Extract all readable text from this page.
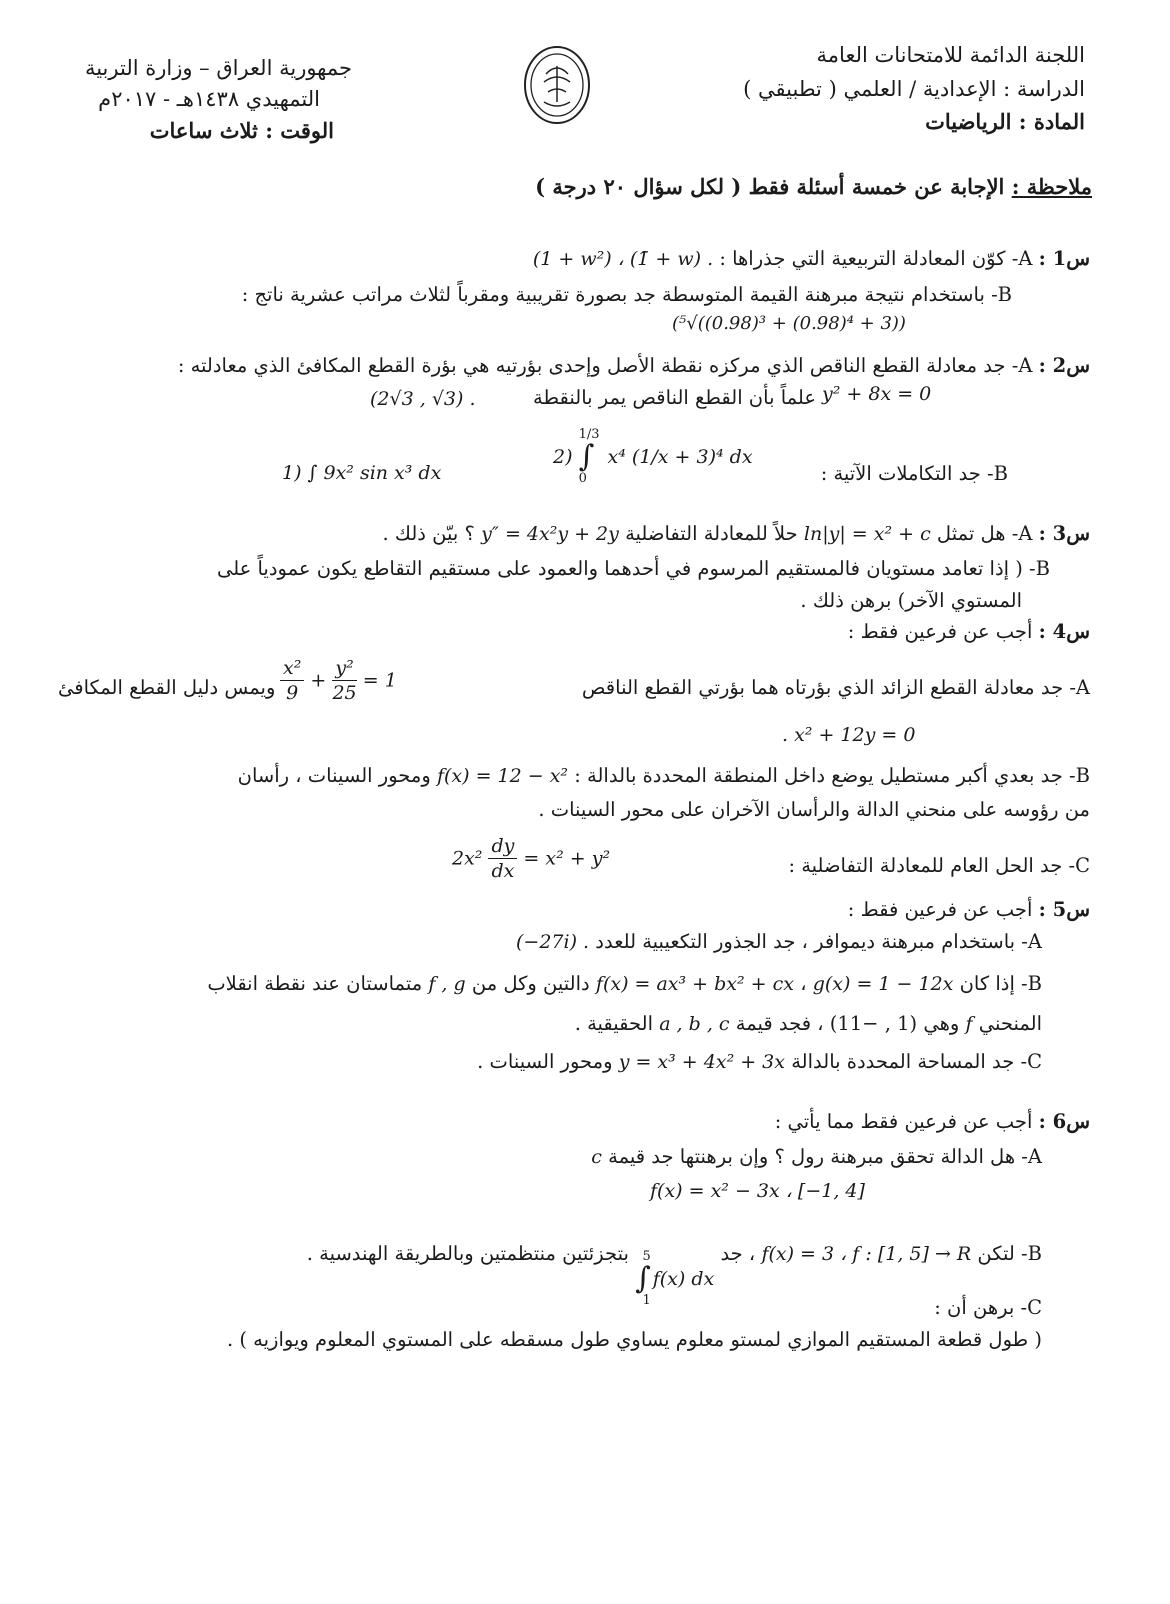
اللجنة الدائمة للامتحانات العامة
الدراسة : الإعدادية / العلمي ( تطبيقي )
المادة : الرياضيات
جمهورية العراق – وزارة التربية
التمهيدي ١٤٣٨هـ - ٢٠١٧م
الوقت : ثلاث ساعات
ملاحظة : الإجابة عن خمسة أسئلة فقط ( لكل سؤال ٢٠ درجة )
س1 : A- كوّن المعادلة التربيعية التي جذراها : (1 + w²) ، (1̄ + w) .
B- باستخدام نتيجة مبرهنة القيمة المتوسطة جد بصورة تقريبية ومقرباً لثلاث مراتب عشرية ناتج :
(⁵√((0.98)³ + (0.98)⁴ + 3))
س2 : A- جد معادلة القطع الناقص الذي مركزه نقطة الأصل وإحدى بؤرتيه هي بؤرة القطع المكافئ الذي معادلته :
y² + 8x = 0
علماً بأن القطع الناقص يمر بالنقطة
(2√3 , √3) .
B- جد التكاملات الآتية :
2)
1/3
∫
0
x⁴ (1/x + 3)⁴ dx
1) ∫ 9x² sin x³ dx
س3 : A- هل تمثل ln|y| = x² + c حلاً للمعادلة التفاضلية y″ = 4x²y + 2y ؟ بيّن ذلك .
B- ( إذا تعامد مستويان فالمستقيم المرسوم في أحدهما والعمود على مستقيم التقاطع يكون عمودياً على
المستوي الآخر) برهن ذلك .
س4 : أجب عن فرعين فقط :
A- جد معادلة القطع الزائد الذي بؤرتاه هما بؤرتي القطع الناقص
$\frac{\text{x²}}{9} + \frac{\text{y²}}{25} = 1$
ويمس دليل القطع المكافئ
. x² + 12y = 0
B- جد بعدي أكبر مستطيل يوضع داخل المنطقة المحددة بالدالة : f(x) = 12 − x² ومحور السينات ، رأسان
من رؤوسه على منحني الدالة والرأسان الآخران على محور السينات .
C- جد الحل العام للمعادلة التفاضلية :
$2x^2 \frac{dy}{dx} = x^2 + y^2$
س5 : أجب عن فرعين فقط :
A- باستخدام مبرهنة ديموافر ، جد الجذور التكعيبية للعدد (−27i) .
B- إذا كان f(x) = ax³ + bx² + cx ، g(x) = 1 − 12x دالتين وكل من f , g متماستان عند نقطة انقلاب
المنحني f وهي (1 , −11) ، فجد قيمة a , b , c الحقيقية .
C- جد المساحة المحددة بالدالة y = x³ + 4x² + 3x ومحور السينات .
س6 : أجب عن فرعين فقط مما يأتي :
A- هل الدالة تحقق مبرهنة رول ؟ وإن برهنتها جد قيمة c
f(x) = x² − 3x ، [−1, 4]
B- لتكن f(x) = 3 ، f : [1, 5] → R ، جد
5
∫
1
f(x) dx
بتجزئتين منتظمتين وبالطريقة الهندسية .
C- برهن أن :
( طول قطعة المستقيم الموازي لمستو معلوم يساوي طول مسقطه على المستوي المعلوم ويوازيه ) .
